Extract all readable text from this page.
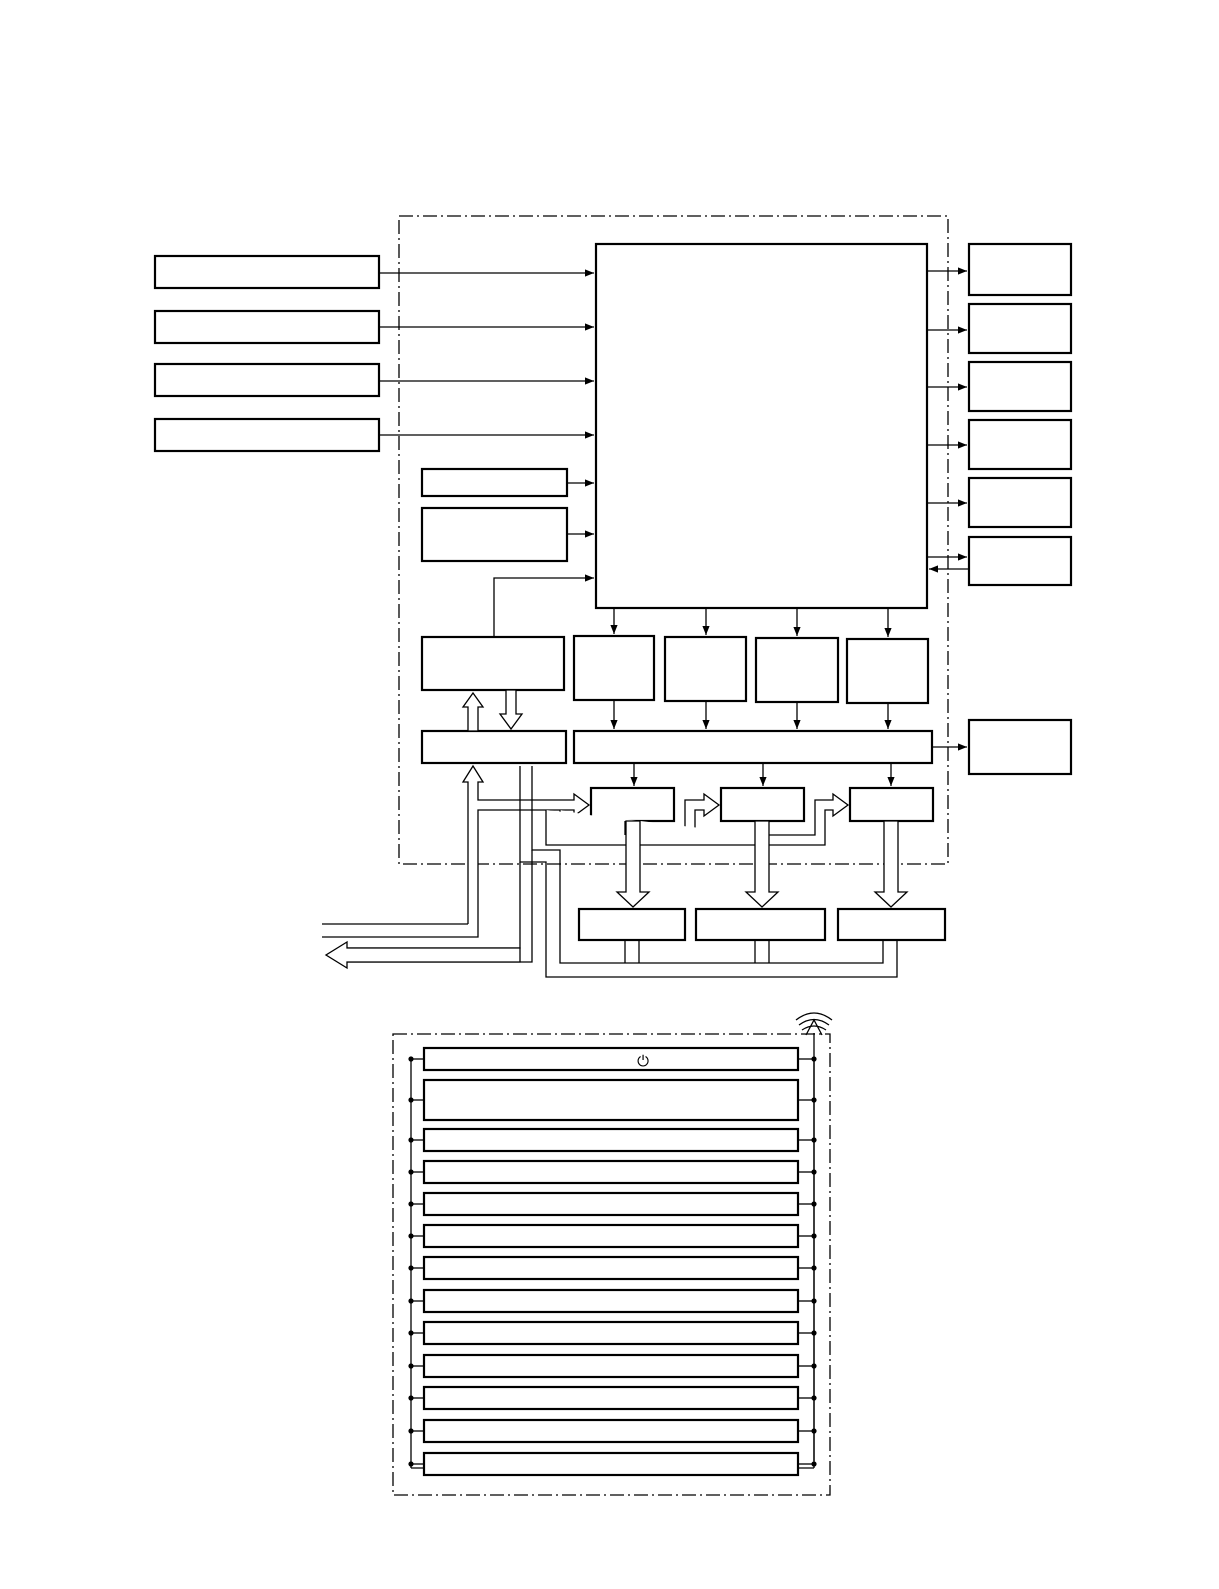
⏻
